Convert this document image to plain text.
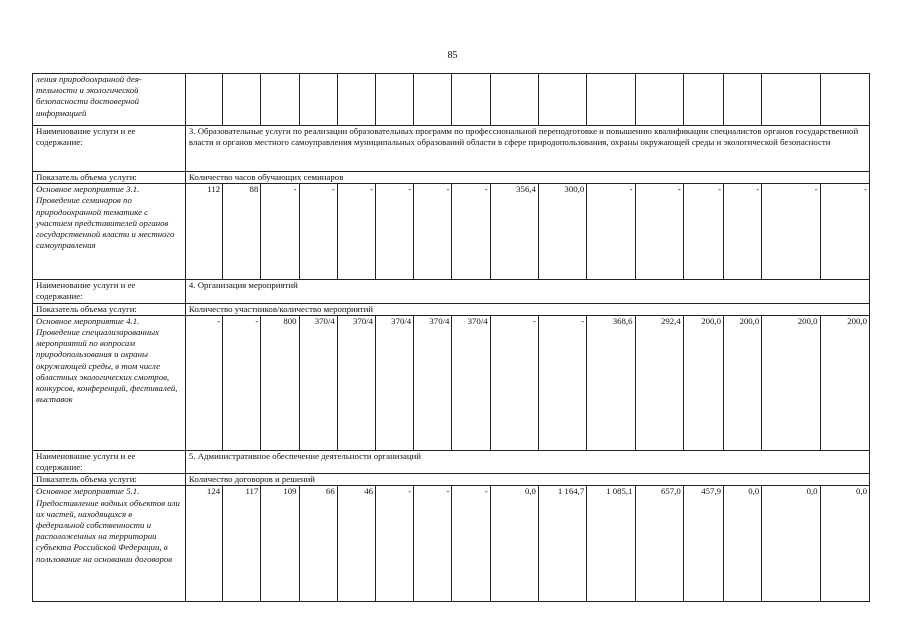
85
ления природоохранной дея-тельности и экологической безопасности достоверной информацией																
Наименование услуги и ее содержание:	3. Образовательные услуги по реализации образовательных программ по профессиональной переподготовке и повышению квалификации специалистов органов государственной власти и органов местного самоуправления муниципальных образований области в сфере природопользования, охраны окружающей среды и экологической безопасности															
Показатель объема услуги:	Количество часов обучающих семинаров															
Основное мероприятие 3.1. Проведение семинаров по природоохранной тематике с участием представителей органов государственной власти и местного самоуправления	112	88	-	-	-	-	-	-	356,4	300,0	-	-	-	-	-	-
Наименование услуги и ее содержание:	4. Организация мероприятий															
Показатель объема услуги:	Количество участников/количество мероприятий															
Основное мероприятие 4.1. Проведение специализированных мероприятий по вопросам природопользования и охраны окружающей среды, в том числе областных экологических смотров, конкурсов, конференций, фестивалей, выставок	-	-	800	370/4	370/4	370/4	370/4	370/4	-	-	368,6	292,4	200,0	200,0	200,0	200,0
Наименование услуги и ее содержание:	5. Административное обеспечение деятельности организаций															
Показатель объема услуги:	Количество договоров и решений															
Основное мероприятие 5.1. Предоставление водных объектов или их частей, находящихся в федеральной собственности и расположенных на территории субъекта Российской Федерации, в пользование на основании договоров	124	117	109	66	46	-	-	-	0,0	1 164,7	1 085,1	657,0	457,9	0,0	0,0	0,0
